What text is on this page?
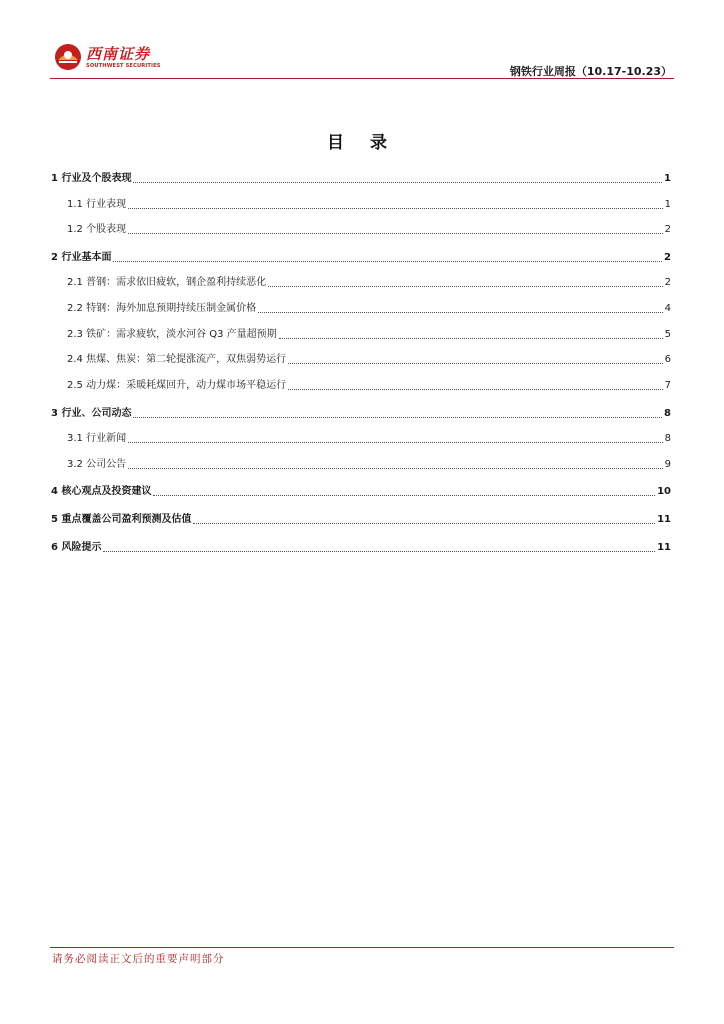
西南证券
SOUTHWEST SECURITIES	钢铁行业周报（10.17-10.23）
目 录
1 行业及个股表现	1
1.1 行业表现	1
1.2 个股表现	2
2 行业基本面	2
2.1 普钢：需求依旧疲软，钢企盈利持续恶化	2
2.2 特钢：海外加息预期持续压制金属价格	4
2.3 铁矿：需求疲软，淡水河谷 Q3 产量超预期	5
2.4 焦煤、焦炭：第二轮提涨流产，双焦弱势运行	6
2.5 动力煤：采暖耗煤回升，动力煤市场平稳运行	7
3 行业、公司动态	8
3.1 行业新闻	8
3.2 公司公告	9
4 核心观点及投资建议	10
5 重点覆盖公司盈利预测及估值	11
6 风险提示	11
请务必阅读正文后的重要声明部分
